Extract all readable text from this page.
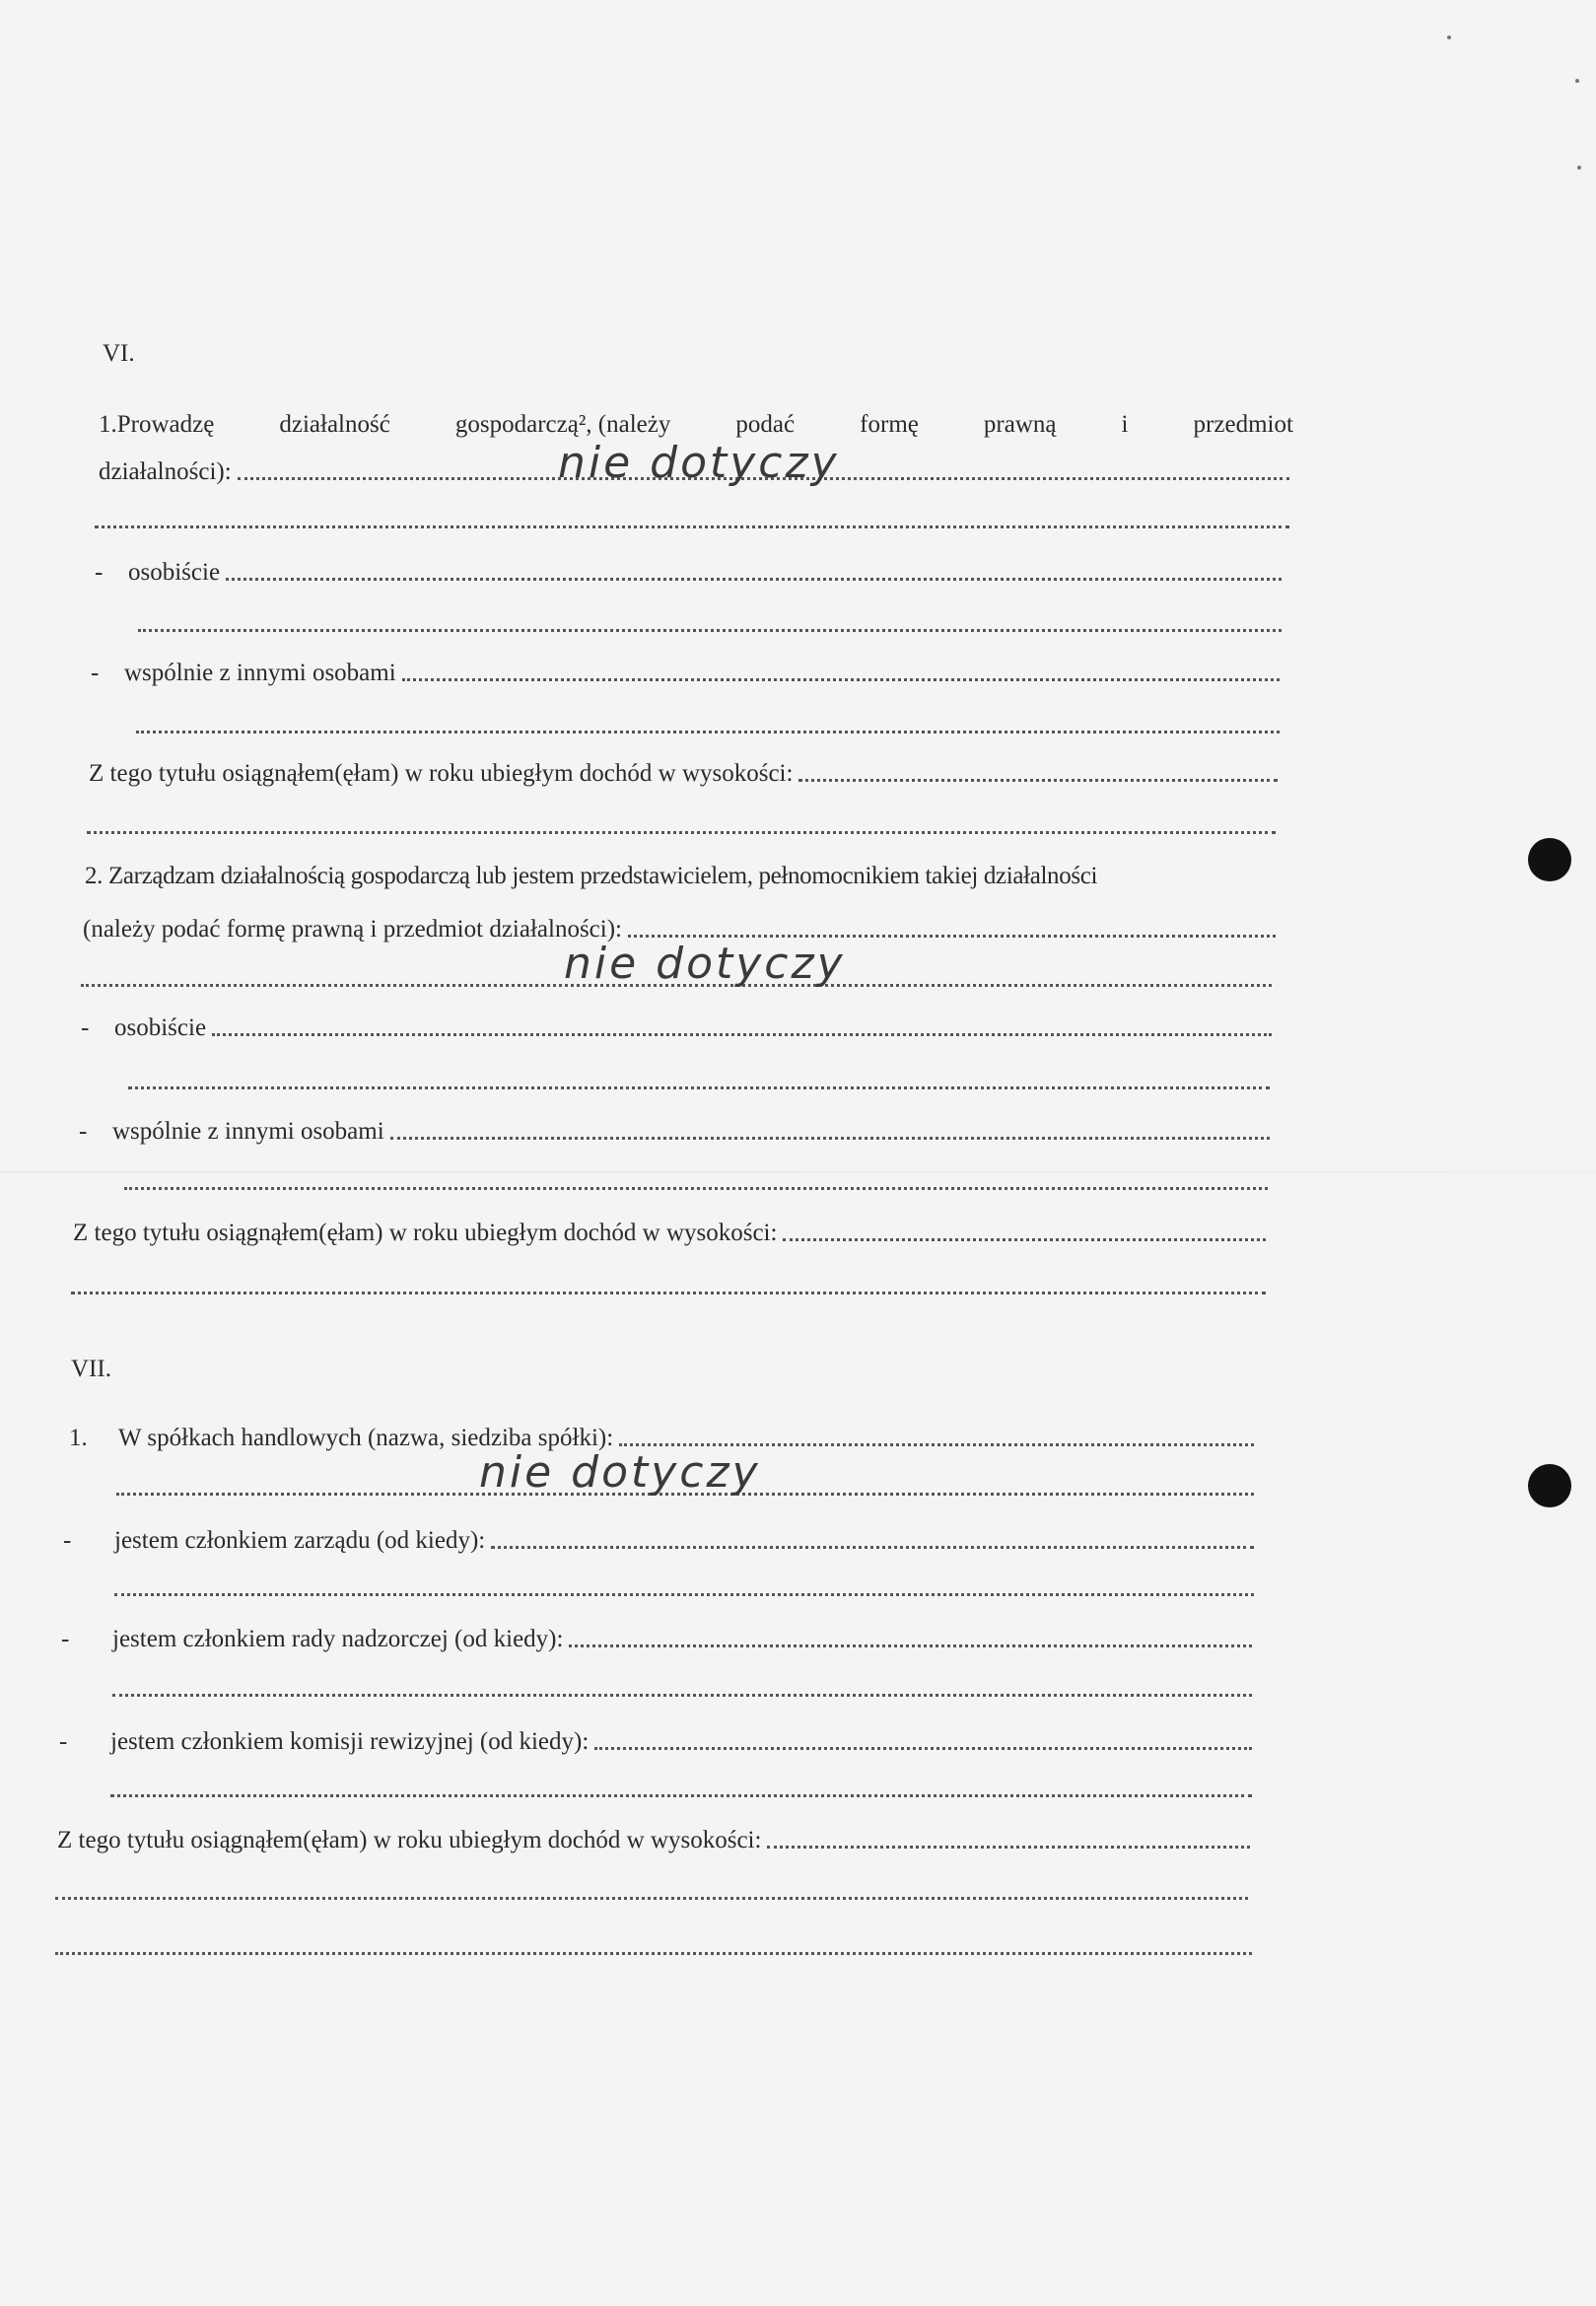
VI.
1.Prowadzę	działalność	gospodarczą², (należy	podać	formę	prawną	i	przedmiot
działalności):	nie dotyczy
-	osobiście
-	wspólnie z innymi osobami
Z tego tytułu osiągnąłem(ęłam) w roku ubiegłym dochód w wysokości:
2. Zarządzam działalnością gospodarczą lub jestem przedstawicielem, pełnomocnikiem takiej działalności
(należy podać formę prawną i przedmiot działalności):
nie dotyczy
-	osobiście
-	wspólnie z innymi osobami
Z tego tytułu osiągnąłem(ęłam) w roku ubiegłym dochód w wysokości:
VII.
1.	W spółkach handlowych (nazwa, siedziba spółki):
nie dotyczy
-	jestem członkiem zarządu (od kiedy):
-	jestem członkiem rady nadzorczej (od kiedy):
-	jestem członkiem komisji rewizyjnej (od kiedy):
Z tego tytułu osiągnąłem(ęłam) w roku ubiegłym dochód w wysokości:
